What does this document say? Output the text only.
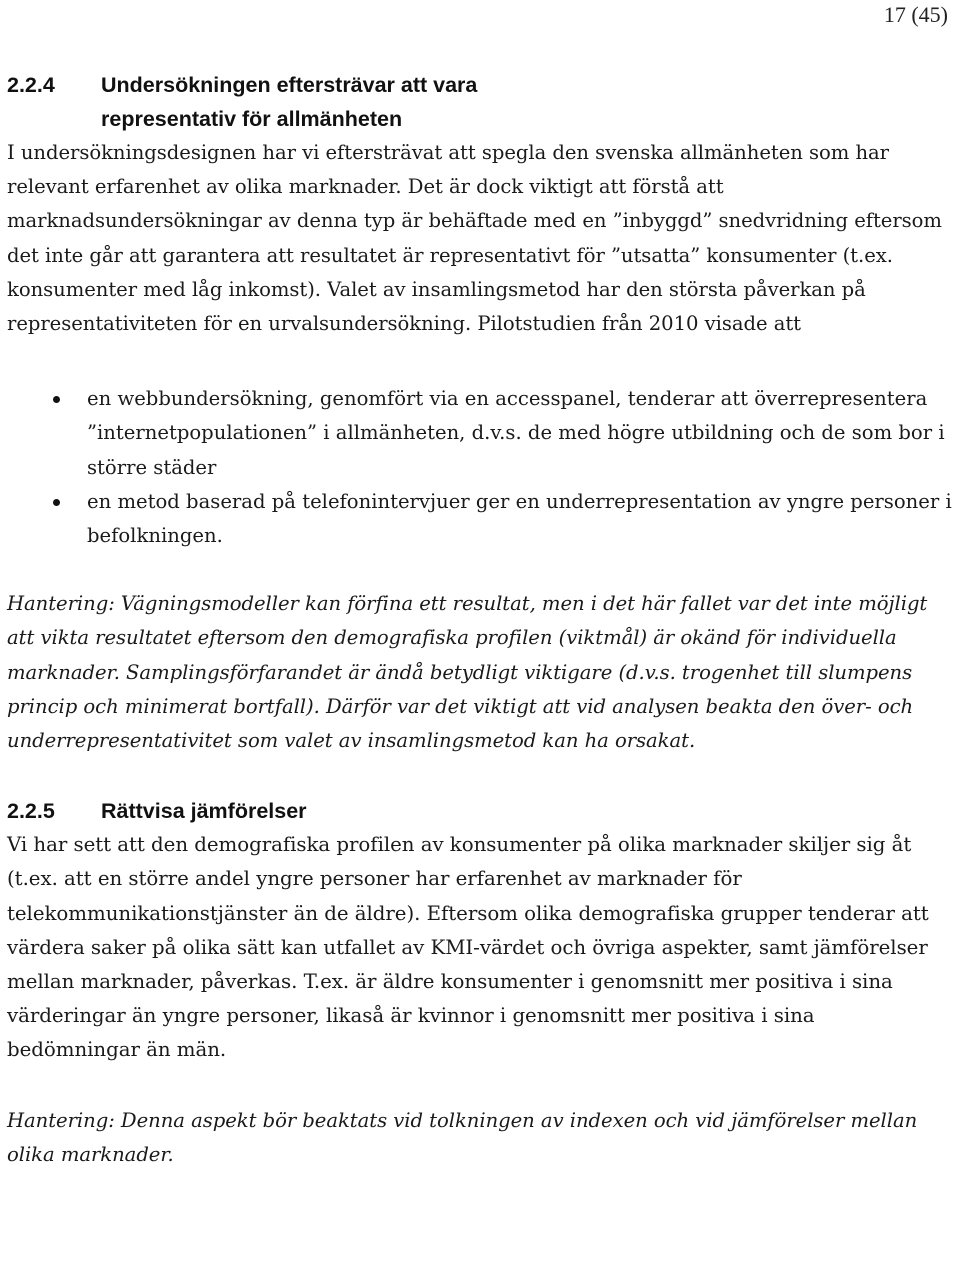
17 (45)
2.2.4	Undersökningen eftersträvar att vara representativ för allmänheten

I undersökningsdesignen har vi eftersträvat att spegla den svenska allmänheten som har relevant erfarenhet av olika marknader. Det är dock viktigt att förstå att marknadsundersökningar av denna typ är behäftade med en ”inbyggd” snedvridning eftersom det inte går att garantera att resultatet är representativt för ”utsatta” konsumenter (t.ex. konsumenter med låg inkomst). Valet av insamlingsmetod har den största påverkan på representativiteten för en urvalsundersökning. Pilotstudien från 2010 visade att

en webbundersökning, genomfört via en accesspanel, tenderar att överrepresentera ”internetpopulationen” i allmänheten, d.v.s. de med högre utbildning och de som bor i större städer
en metod baserad på telefonintervjuer ger en underrepresentation av yngre personer i befolkningen.

Hantering: Vägningsmodeller kan förfina ett resultat, men i det här fallet var det inte möjligt att vikta resultatet eftersom den demografiska profilen (viktmål) är okänd för individuella marknader. Samplingsförfarandet är ändå betydligt viktigare (d.v.s. trogenhet till slumpens princip och minimerat bortfall). Därför var det viktigt att vid analysen beakta den över- och underrepresentativitet som valet av insamlingsmetod kan ha orsakat.

2.2.5	Rättvisa jämförelser

Vi har sett att den demografiska profilen av konsumenter på olika marknader skiljer sig åt (t.ex. att en större andel yngre personer har erfarenhet av marknader för telekommunikationstjänster än de äldre). Eftersom olika demografiska grupper tenderar att värdera saker på olika sätt kan utfallet av KMI-värdet och övriga aspekter, samt jämförelser mellan marknader, påverkas. T.ex. är äldre konsumenter i genomsnitt mer positiva i sina värderingar än yngre personer, likaså är kvinnor i genomsnitt mer positiva i sina bedömningar än män.

Hantering: Denna aspekt bör beaktats vid tolkningen av indexen och vid jämförelser mellan olika marknader.
